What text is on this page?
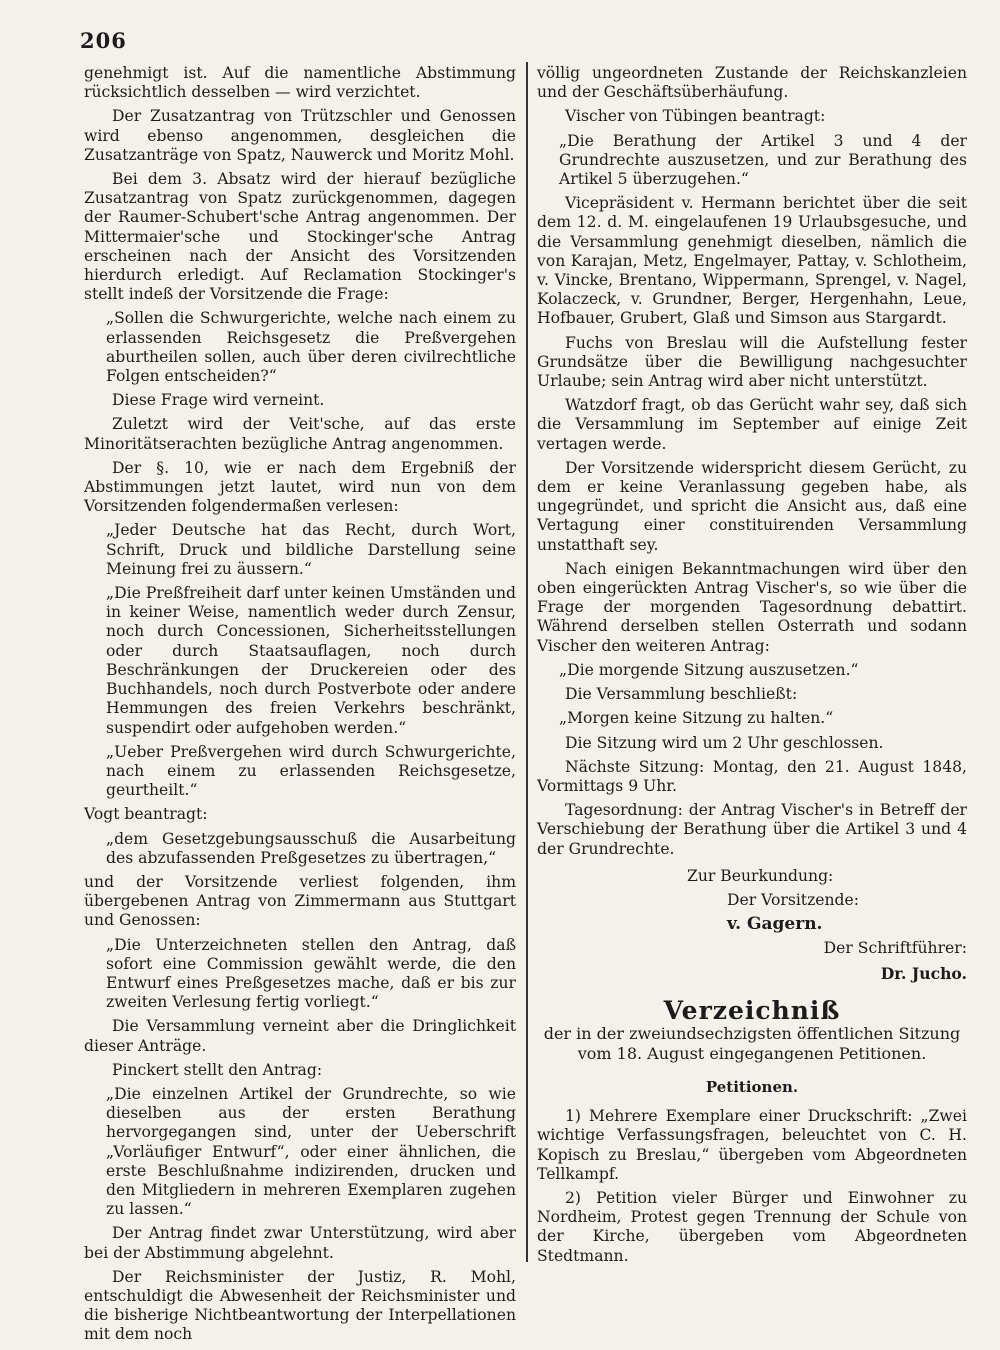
206

genehmigt ist. Auf die namentliche Abstimmung rücksichtlich desselben — wird verzichtet.

Der Zusatzantrag von Trützschler und Genossen wird ebenso angenommen, desgleichen die Zusatzanträge von Spatz, Nauwerck und Moritz Mohl.

Bei dem 3. Absatz wird der hierauf bezügliche Zusatzantrag von Spatz zurückgenommen, dagegen der Raumer-Schubert'sche Antrag angenommen. Der Mittermaier'sche und Stockinger'sche Antrag erscheinen nach der Ansicht des Vorsitzenden hierdurch erledigt. Auf Reclamation Stockinger's stellt indeß der Vorsitzende die Frage:

„Sollen die Schwurgerichte, welche nach einem zu erlassenden Reichsgesetz die Preßvergehen aburtheilen sollen, auch über deren civilrechtliche Folgen entscheiden?“

Diese Frage wird verneint.

Zuletzt wird der Veit'sche, auf das erste Minoritätserachten bezügliche Antrag angenommen.

Der §. 10, wie er nach dem Ergebniß der Abstimmungen jetzt lautet, wird nun von dem Vorsitzenden folgendermaßen verlesen:

„Jeder Deutsche hat das Recht, durch Wort, Schrift, Druck und bildliche Darstellung seine Meinung frei zu äussern.“

„Die Preßfreiheit darf unter keinen Umständen und in keiner Weise, namentlich weder durch Zensur, noch durch Concessionen, Sicherheitsstellungen oder durch Staatsauflagen, noch durch Beschränkungen der Druckereien oder des Buchhandels, noch durch Postverbote oder andere Hemmungen des freien Verkehrs beschränkt, suspendirt oder aufgehoben werden.“

„Ueber Preßvergehen wird durch Schwurgerichte, nach einem zu erlassenden Reichsgesetze, geurtheilt.“

Vogt beantragt:

„dem Gesetzgebungsausschuß die Ausarbeitung des abzufassenden Preßgesetzes zu übertragen,“

und der Vorsitzende verliest folgenden, ihm übergebenen Antrag von Zimmermann aus Stuttgart und Genossen:

„Die Unterzeichneten stellen den Antrag, daß sofort eine Commission gewählt werde, die den Entwurf eines Preßgesetzes mache, daß er bis zur zweiten Verlesung fertig vorliegt.“

Die Versammlung verneint aber die Dringlichkeit dieser Anträge.

Pinckert stellt den Antrag:

„Die einzelnen Artikel der Grundrechte, so wie dieselben aus der ersten Berathung hervorgegangen sind, unter der Ueberschrift „Vorläufiger Entwurf“, oder einer ähnlichen, die erste Beschlußnahme indizirenden, drucken und den Mitgliedern in mehreren Exemplaren zugehen zu lassen.“

Der Antrag findet zwar Unterstützung, wird aber bei der Abstimmung abgelehnt.

Der Reichsminister der Justiz, R. Mohl, entschuldigt die Abwesenheit der Reichsminister und die bisherige Nichtbeantwortung der Interpellationen mit dem noch

völlig ungeordneten Zustande der Reichskanzleien und der Geschäftsüberhäufung.

Vischer von Tübingen beantragt:

„Die Berathung der Artikel 3 und 4 der Grundrechte auszusetzen, und zur Berathung des Artikel 5 überzugehen.“

Vicepräsident v. Hermann berichtet über die seit dem 12. d. M. eingelaufenen 19 Urlaubsgesuche, und die Versammlung genehmigt dieselben, nämlich die von Karajan, Metz, Engelmayer, Pattay, v. Schlotheim, v. Vincke, Brentano, Wippermann, Sprengel, v. Nagel, Kolaczeck, v. Grundner, Berger, Hergenhahn, Leue, Hofbauer, Grubert, Glaß und Simson aus Stargardt.

Fuchs von Breslau will die Aufstellung fester Grundsätze über die Bewilligung nachgesuchter Urlaube; sein Antrag wird aber nicht unterstützt.

Watzdorf fragt, ob das Gerücht wahr sey, daß sich die Versammlung im September auf einige Zeit vertagen werde.

Der Vorsitzende widerspricht diesem Gerücht, zu dem er keine Veranlassung gegeben habe, als ungegründet, und spricht die Ansicht aus, daß eine Vertagung einer constituirenden Versammlung unstatthaft sey.

Nach einigen Bekanntmachungen wird über den oben eingerückten Antrag Vischer's, so wie über die Frage der morgenden Tagesordnung debattirt. Während derselben stellen Osterrath und sodann Vischer den weiteren Antrag:

„Die morgende Sitzung auszusetzen.“

Die Versammlung beschließt:

„Morgen keine Sitzung zu halten.“

Die Sitzung wird um 2 Uhr geschlossen.

Nächste Sitzung: Montag, den 21. August 1848, Vormittags 9 Uhr.

Tagesordnung: der Antrag Vischer's in Betreff der Verschiebung der Berathung über die Artikel 3 und 4 der Grundrechte.

Zur Beurkundung:

Der Vorsitzende:

v. Gagern.

Der Schriftführer:

Dr. Jucho.

Verzeichniß

der in der zweiundsechzigsten öffentlichen Sitzung vom 18. August eingegangenen Petitionen.

Petitionen.

1) Mehrere Exemplare einer Druckschrift: „Zwei wichtige Verfassungsfragen, beleuchtet von C. H. Kopisch zu Breslau,“ übergeben vom Abgeordneten Tellkampf.

2) Petition vieler Bürger und Einwohner zu Nordheim, Protest gegen Trennung der Schule von der Kirche, übergeben vom Abgeordneten Stedtmann.
